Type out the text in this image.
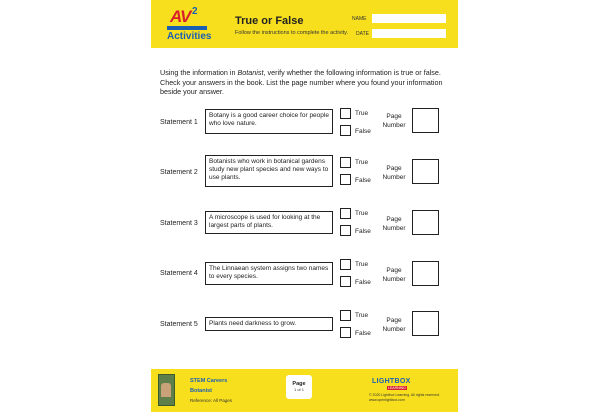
AV 2
Activities
True or False
Follow the instructions to complete the activity.
NAME
DATE
Using the information in Botanist, verify whether the following information is true or false. Check your answers in the book. List the page number where you found your information beside your answer.
Statement 1
Botany is a good career choice for people who love nature.
True
False
Page
Number
Statement 2
Botanists who work in botanical gardens study new plant species and new ways to use plants.
True
False
Page
Number
Statement 3
A microscope is used for looking at the largest parts of plants.
True
False
Page
Number
Statement 4
The Linnaean system assigns two names to every species.
True
False
Page
Number
Statement 5	Plants need darkness to grow.
True
False
Page
Number
STEM Careers
Botanist
Reference: All Pages
Page
1 of 1
LIGHTBOX
LEARNING
© 2020 Lightbox Learning. All rights reserved.
www.openlightbox.com
